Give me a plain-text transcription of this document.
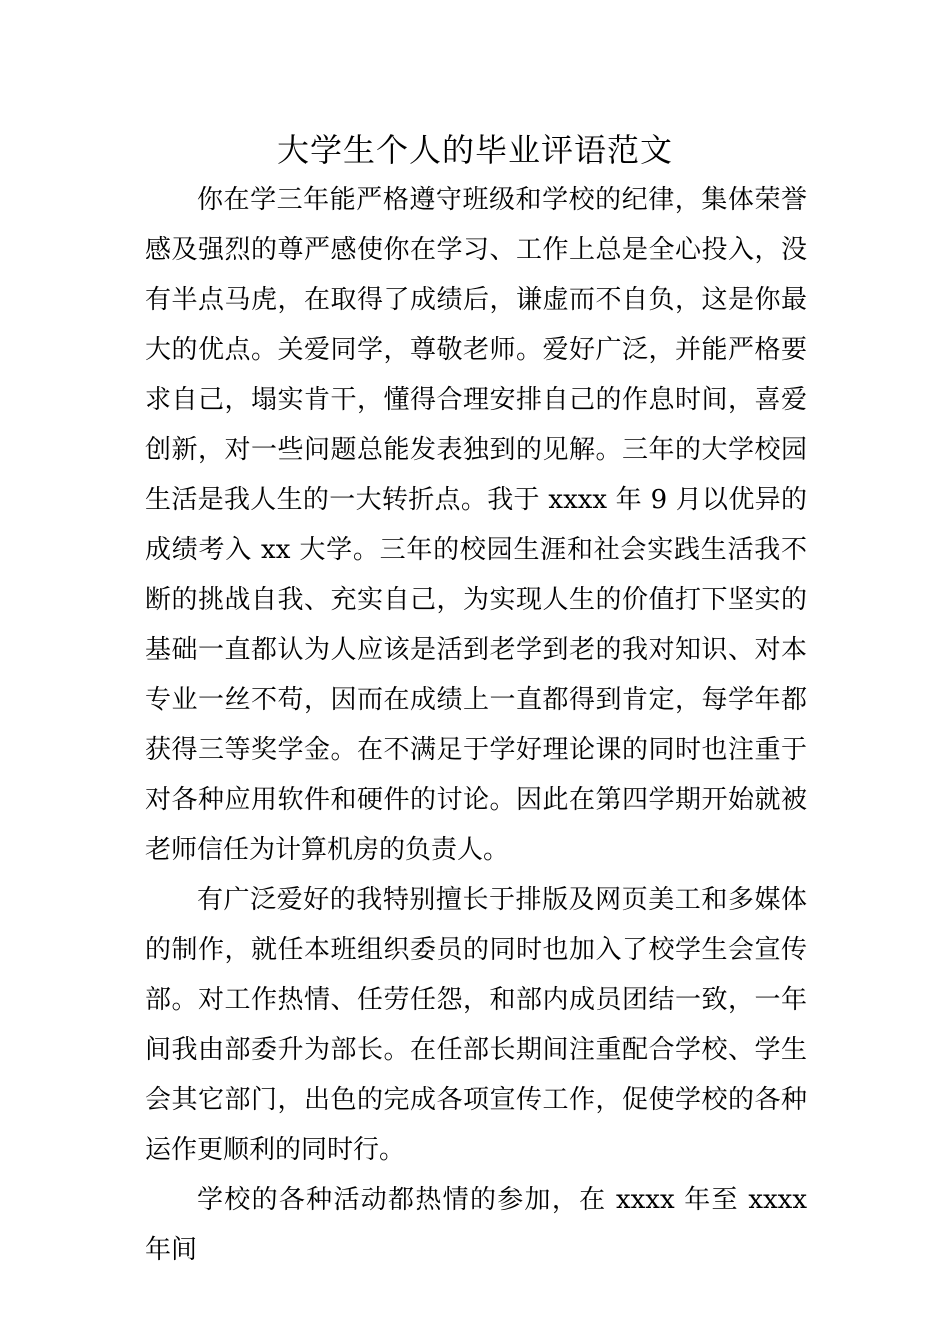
大学生个人的毕业评语范文

你在学三年能严格遵守班级和学校的纪律，集体荣誉感及强烈的尊严感使你在学习、工作上总是全心投入，没有半点马虎，在取得了成绩后，谦虚而不自负，这是你最大的优点。关爱同学，尊敬老师。爱好广泛，并能严格要求自己，塌实肯干，懂得合理安排自己的作息时间，喜爱创新，对一些问题总能发表独到的见解。三年的大学校园生活是我人生的一大转折点。我于 xxxx 年 9 月以优异的成绩考入 xx 大学。三年的校园生涯和社会实践生活我不断的挑战自我、充实自己，为实现人生的价值打下坚实的基础一直都认为人应该是活到老学到老的我对知识、对本专业一丝不苟，因而在成绩上一直都得到肯定，每学年都获得三等奖学金。在不满足于学好理论课的同时也注重于对各种应用软件和硬件的讨论。因此在第四学期开始就被老师信任为计算机房的负责人。

有广泛爱好的我特别擅长于排版及网页美工和多媒体的制作，就任本班组织委员的同时也加入了校学生会宣传部。对工作热情、任劳任怨，和部内成员团结一致，一年间我由部委升为部长。在任部长期间注重配合学校、学生会其它部门，出色的完成各项宣传工作，促使学校的各种运作更顺利的同时行。

学校的各种活动都热情的参加，在 xxxx 年至 xxxx 年间
